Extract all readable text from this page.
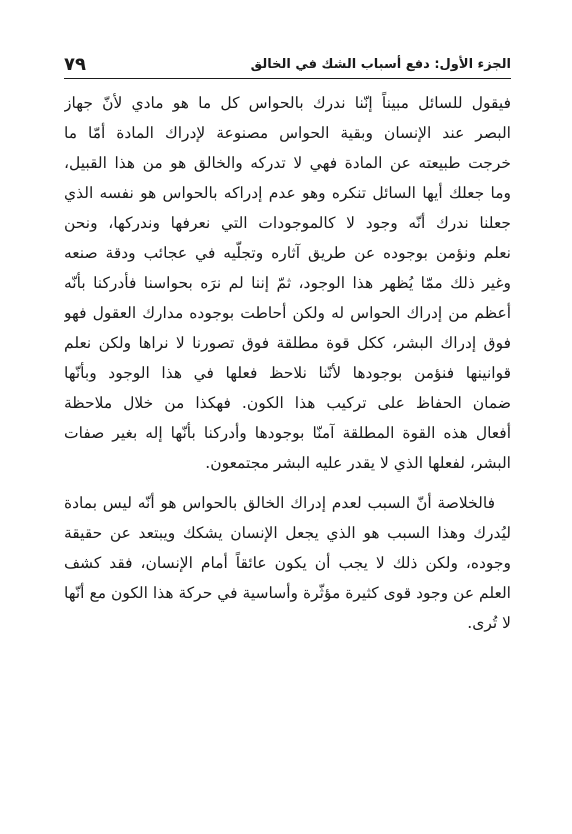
٧٩	الجزء الأول: دفع أسباب الشك في الخالق
فيقول للسائل مبيناً إنّنا ندرك بالحواس كل ما هو مادي لأنّ جهاز
البصر عند الإنسان وبقية الحواس مصنوعة لإدراك المادة أمّا ما
خرجت طبيعته عن المادة فهي لا تدركه والخالق هو من هذا القبيل،
وما جعلك أيها السائل تنكره وهو عدم إدراكه بالحواس هو نفسه الذي
جعلنا ندرك أنّه وجود لا كالموجودات التي نعرفها وندركها، ونحن
نعلم ونؤمن بوجوده عن طريق آثاره وتجلّيه في عجائب ودقة صنعه
وغير ذلك ممّا يُظهر هذا الوجود، ثمّ إننا لم نرَه بحواسنا فأدركنا بأنّه
أعظم من إدراك الحواس له ولكن أحاطت بوجوده مدارك العقول فهو
فوق إدراك البشر، ككل قوة مطلقة فوق تصورنا لا نراها ولكن نعلم
قوانينها فنؤمن بوجودها لأنّنا نلاحظ فعلها في هذا الوجود وبأنّها
ضمان الحفاظ على تركيب هذا الكون. فهكذا من خلال ملاحظة
أفعال هذه القوة المطلقة آمنّا بوجودها وأدركنا بأنّها إله بغير صفات
البشر، لفعلها الذي لا يقدر عليه البشر مجتمعون.
فالخلاصة أنّ السبب لعدم إدراك الخالق بالحواس هو أنّه ليس بمادة
ليُدرك وهذا السبب هو الذي يجعل الإنسان يشكك ويبتعد عن حقيقة
وجوده، ولكن ذلك لا يجب أن يكون عائقاً أمام الإنسان، فقد كشف
العلم عن وجود قوى كثيرة مؤثّرة وأساسية في حركة هذا الكون مع أنّها
لا تُرى.
